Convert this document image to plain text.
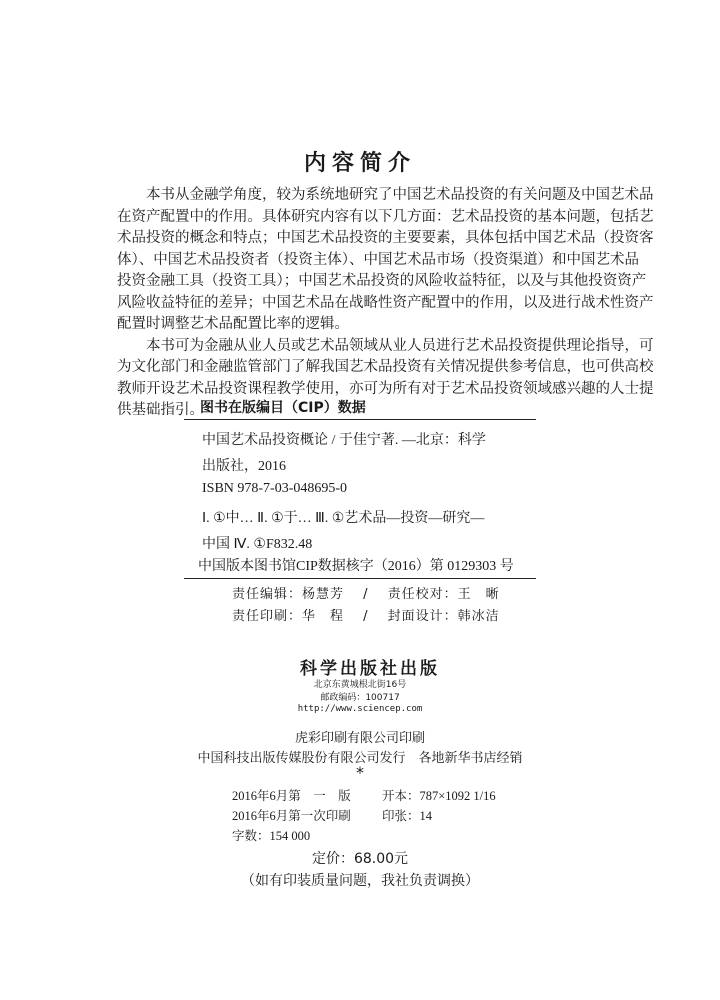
内容简介
　　本书从金融学角度，较为系统地研究了中国艺术品投资的有关问题及中国艺术品
在资产配置中的作用。具体研究内容有以下几方面：艺术品投资的基本问题，包括艺
术品投资的概念和特点；中国艺术品投资的主要要素，具体包括中国艺术品（投资客
体）、中国艺术品投资者（投资主体）、中国艺术品市场（投资渠道）和中国艺术品
投资金融工具（投资工具）；中国艺术品投资的风险收益特征，以及与其他投资资产
风险收益特征的差异；中国艺术品在战略性资产配置中的作用，以及进行战术性资产
配置时调整艺术品配置比率的逻辑。
　　本书可为金融从业人员或艺术品领域从业人员进行艺术品投资提供理论指导，可
为文化部门和金融监管部门了解我国艺术品投资有关情况提供参考信息，也可供高校
教师开设艺术品投资课程教学使用，亦可为所有对于艺术品投资领域感兴趣的人士提
供基础指引。
图书在版编目（CIP）数据
中国艺术品投资概论 / 于佳宁著. —北京：科学
出版社，2016
ISBN 978-7-03-048695-0
Ⅰ. ①中… Ⅱ. ①于… Ⅲ. ①艺术品—投资—研究—
中国 Ⅳ. ①F832.48
中国版本图书馆CIP数据核字（2016）第 0129303 号
责任编辑：杨慧芳　 /　 责任校对：王　晰
责任印刷：华　程　 /　 封面设计：韩冰洁
科学出版社出版
北京东黄城根北街16号
邮政编码：100717
http://www.sciencep.com
虎彩印刷有限公司印刷
中国科技出版传媒股份有限公司发行　各地新华书店经销
*
2016年6月第　一　版 开本：787×1092 1/16
2016年6月第一次印刷 印张：14
字数：154 000
定价：68.00元
（如有印装质量问题，我社负责调换）
